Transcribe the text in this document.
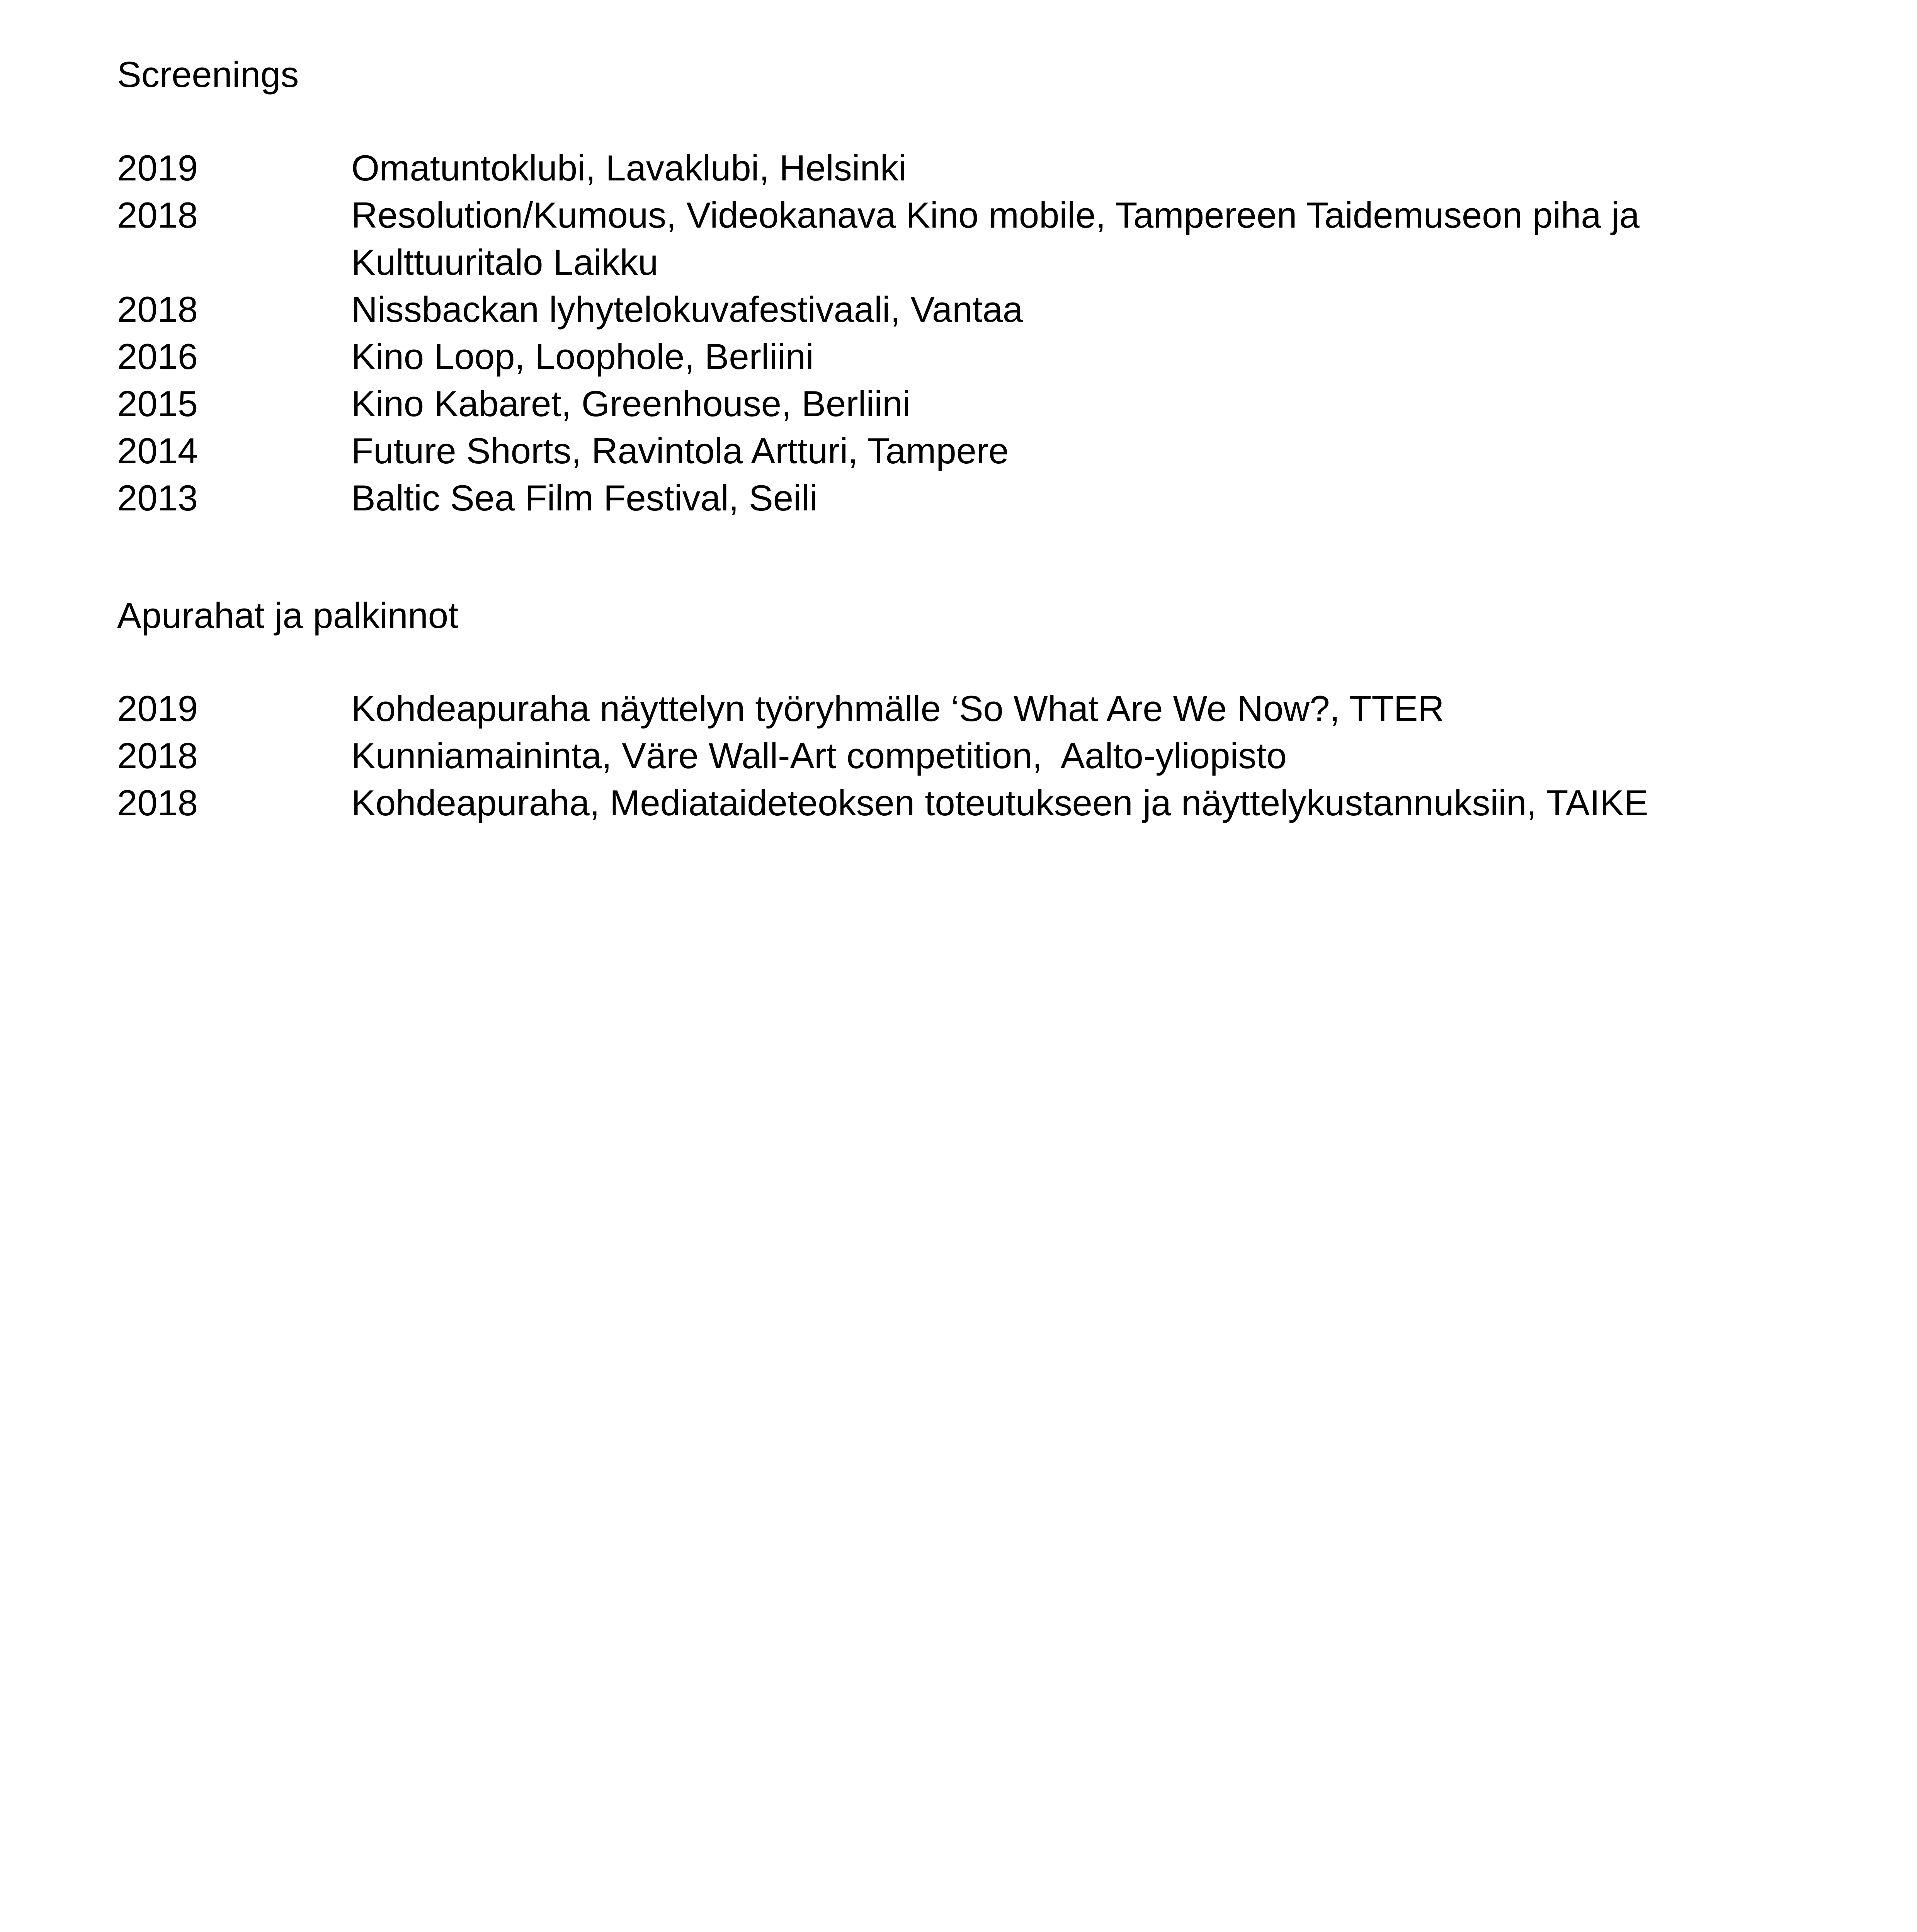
Screenings
2019	Omatuntoklubi, Lavaklubi, Helsinki
2018	Resolution/Kumous, Videokanava Kino mobile, Tampereen Taidemuseon piha ja Kulttuuritalo Laikku
2018	Nissbackan lyhytelokuvafestivaali, Vantaa
2016	Kino Loop, Loophole, Berliini
2015	Kino Kabaret, Greenhouse, Berliini
2014	Future Shorts, Ravintola Artturi, Tampere
2013	Baltic Sea Film Festival, Seili
Apurahat ja palkinnot
2019	Kohdeapuraha näyttelyn työryhmälle ‘So What Are We Now?, TTER
2018	Kunniamaininta, Väre Wall-Art competition,  Aalto-yliopisto
2018	Kohdeapuraha, Mediataideteoksen toteutukseen ja näyttelykustannuksiin, TAIKE
